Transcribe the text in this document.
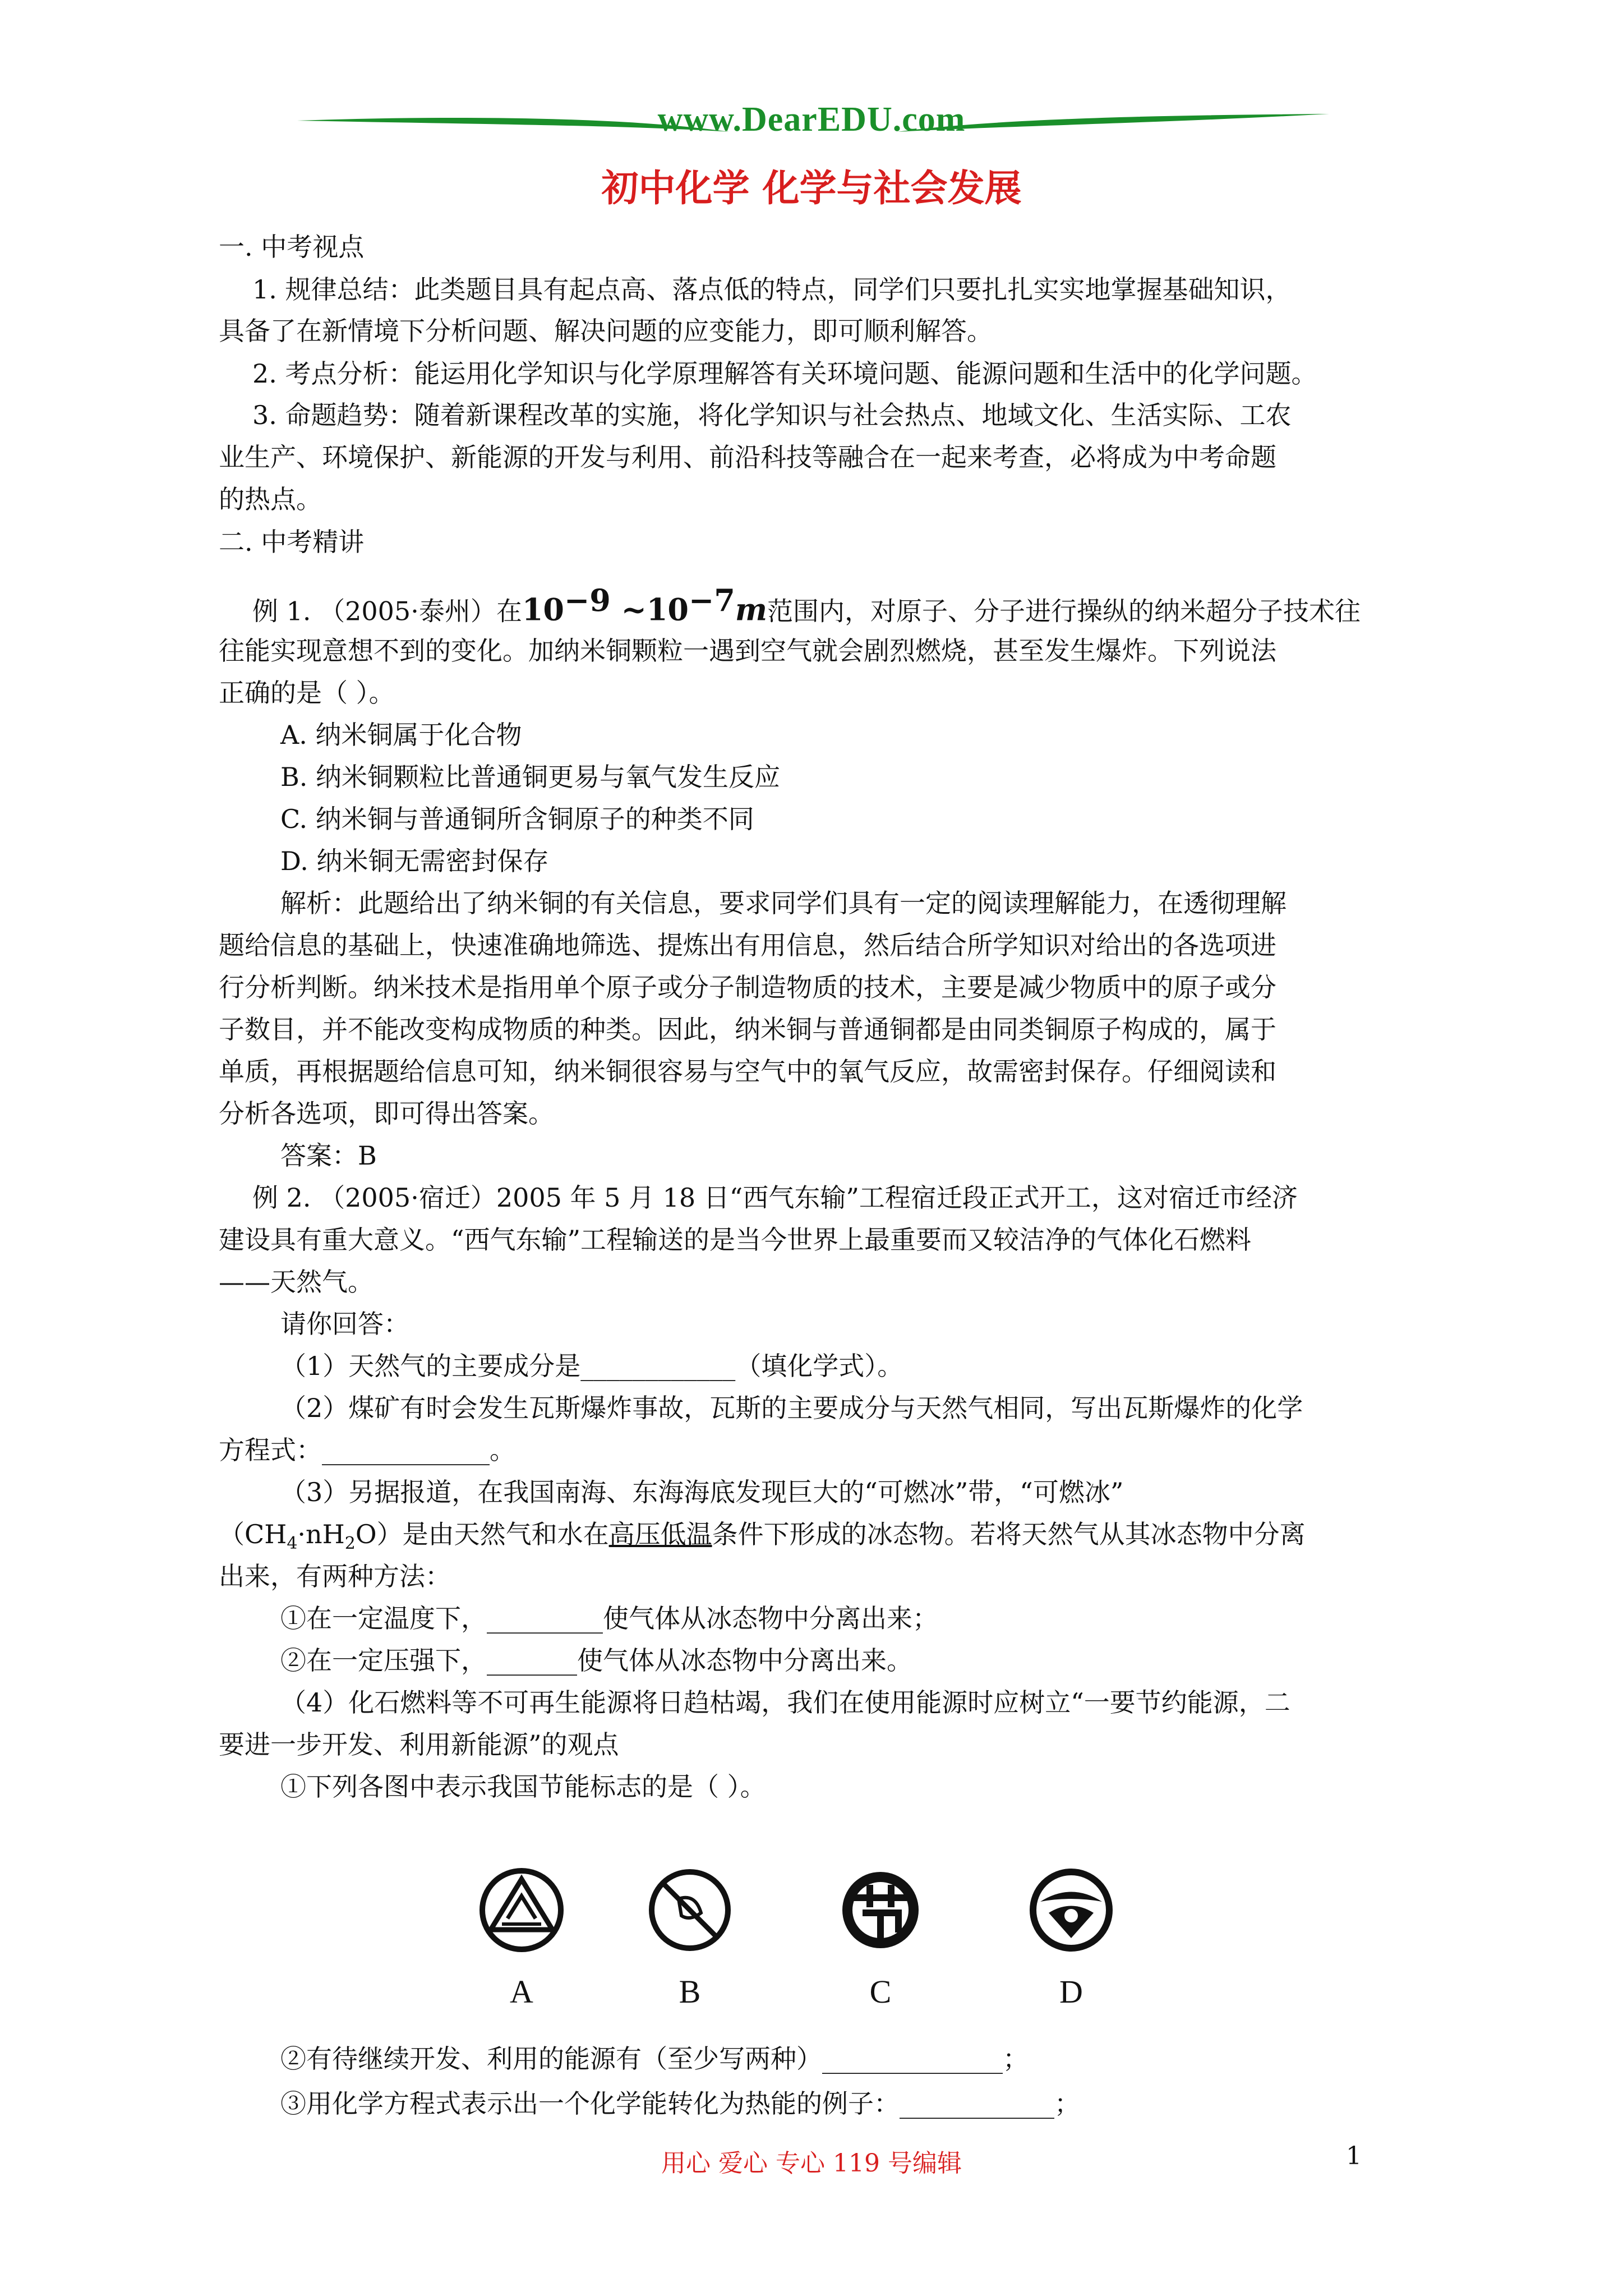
www.DearEDU.com
初中化学 化学与社会发展
一. 中考视点
1. 规律总结：此类题目具有起点高、落点低的特点，同学们只要扎扎实实地掌握基础知识，
具备了在新情境下分析问题、解决问题的应变能力，即可顺利解答。
2. 考点分析：能运用化学知识与化学原理解答有关环境问题、能源问题和生活中的化学问题。
3. 命题趋势：随着新课程改革的实施，将化学知识与社会热点、地域文化、生活实际、工农
业生产、环境保护、新能源的开发与利用、前沿科技等融合在一起来考查，必将成为中考命题
的热点。
二. 中考精讲
例 1. （2005·泰州）在$10^{-9}$ $\sim 10^{-7}m$范围内，对原子、分子进行操纵的纳米超分子技术往
往能实现意想不到的变化。加纳米铜颗粒一遇到空气就会剧烈燃烧，甚至发生爆炸。下列说法
正确的是（ ）。
A. 纳米铜属于化合物
B. 纳米铜颗粒比普通铜更易与氧气发生反应
C. 纳米铜与普通铜所含铜原子的种类不同
D. 纳米铜无需密封保存
解析：此题给出了纳米铜的有关信息，要求同学们具有一定的阅读理解能力，在透彻理解
题给信息的基础上，快速准确地筛选、提炼出有用信息，然后结合所学知识对给出的各选项进
行分析判断。纳米技术是指用单个原子或分子制造物质的技术，主要是减少物质中的原子或分
子数目，并不能改变构成物质的种类。因此，纳米铜与普通铜都是由同类铜原子构成的，属于
单质，再根据题给信息可知，纳米铜很容易与空气中的氧气反应，故需密封保存。仔细阅读和
分析各选项，即可得出答案。
答案：B
例 2. （2005·宿迁）2005 年 5 月 18 日“西气东输”工程宿迁段正式开工，这对宿迁市经济
建设具有重大意义。“西气东输”工程输送的是当今世界上最重要而又较洁净的气体化石燃料
——天然气。
请你回答：
（1）天然气的主要成分是____________（填化学式）。
（2）煤矿有时会发生瓦斯爆炸事故，瓦斯的主要成分与天然气相同，写出瓦斯爆炸的化学
方程式：_____________。
（3）另据报道，在我国南海、东海海底发现巨大的“可燃冰”带，“可燃冰”
$(CH_4\cdot nH_2O)$是由天然气和水在高压低温条件下形成的冰态物。若将天然气从其冰态物中分离
出来，有两种方法：
①在一定温度下，_________使气体从冰态物中分离出来；
②在一定压强下，_______使气体从冰态物中分离出来。
（4）化石燃料等不可再生能源将日趋枯竭，我们在使用能源时应树立“一要节约能源，二
要进一步开发、利用新能源”的观点
①下列各图中表示我国节能标志的是（ ）。
A	B	C	D
②有待继续开发、利用的能源有（至少写两种）______________；
③用化学方程式表示出一个化学能转化为热能的例子：____________；
用心 爱心 专心 119 号编辑	1
